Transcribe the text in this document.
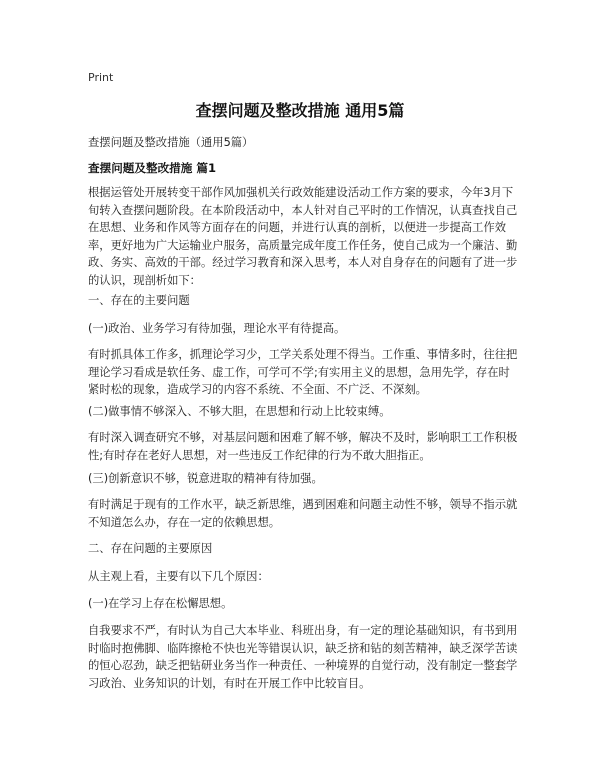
Print
查摆问题及整改措施 通用5篇

查摆问题及整改措施（通用5篇）

查摆问题及整改措施 篇1

根据运管处开展转变干部作风加强机关行政效能建设活动工作方案的要求，今年3月下旬转入查摆问题阶段。在本阶段活动中，本人针对自己平时的工作情况，认真查找自己在思想、业务和作风等方面存在的问题，并进行认真的剖析，以便进一步提高工作效率，更好地为广大运输业户服务，高质量完成年度工作任务，使自己成为一个廉洁、勤政、务实、高效的干部。经过学习教育和深入思考，本人对自身存在的问题有了进一步的认识，现剖析如下：

一、存在的主要问题

(一)政治、业务学习有待加强，理论水平有待提高。

有时抓具体工作多，抓理论学习少，工学关系处理不得当。工作重、事情多时，往往把理论学习看成是软任务、虚工作，可学可不学;有实用主义的思想，急用先学，存在时紧时松的现象，造成学习的内容不系统、不全面、不广泛、不深刻。

(二)做事情不够深入、不够大胆，在思想和行动上比较束缚。

有时深入调查研究不够，对基层问题和困难了解不够，解决不及时，影响职工工作积极性;有时存在老好人思想，对一些违反工作纪律的行为不敢大胆指正。

(三)创新意识不够，锐意进取的精神有待加强。

有时满足于现有的工作水平，缺乏新思维，遇到困难和问题主动性不够，领导不指示就不知道怎么办，存在一定的依赖思想。

二、存在问题的主要原因

从主观上看，主要有以下几个原因：

(一)在学习上存在松懈思想。

自我要求不严，有时认为自己大本毕业、科班出身，有一定的理论基础知识，有书到用时临时抱佛脚、临阵擦枪不快也光等错误认识，缺乏挤和钻的刻苦精神，缺乏深学苦读的恒心忍劲，缺乏把钻研业务当作一种责任、一种境界的自觉行动，没有制定一整套学习政治、业务知识的计划，有时在开展工作中比较盲目。
